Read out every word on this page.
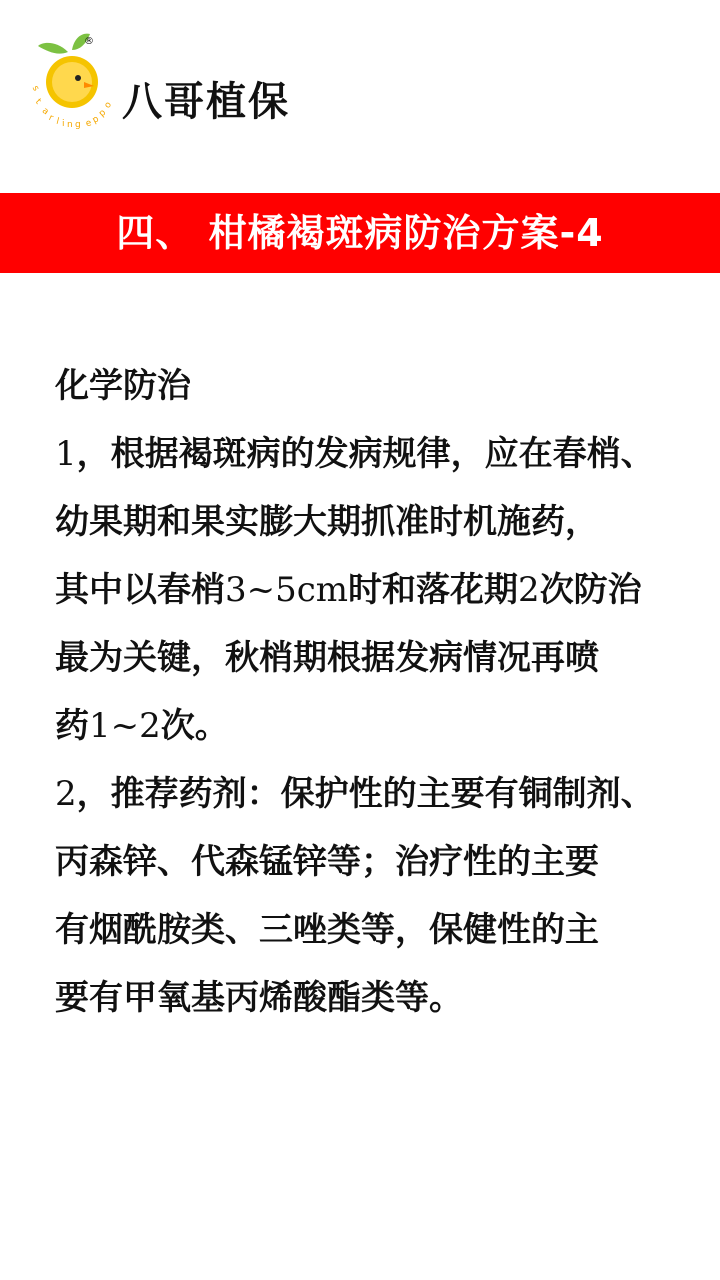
s
t
a
r l i n g e
p
p
o
®
八哥植保
四、 柑橘褐斑病防治方案-4
化学防治
1，根据褐斑病的发病规律，应在春梢、
幼果期和果实膨大期抓准时机施药，
其中以春梢3~5cm时和落花期2次防治
最为关键，秋梢期根据发病情况再喷
药1~2次。
2，推荐药剂：保护性的主要有铜制剂、
丙森锌、代森锰锌等；治疗性的主要
有烟酰胺类、三唑类等，保健性的主
要有甲氧基丙烯酸酯类等。
